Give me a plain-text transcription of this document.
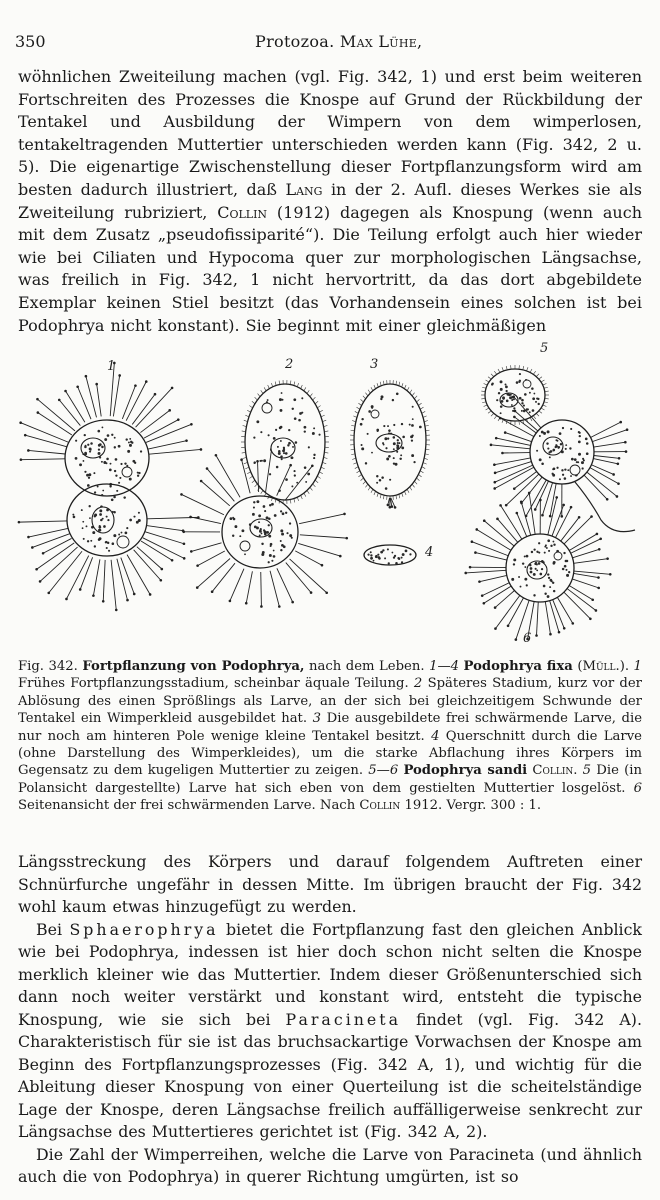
350	Protozoa. Max Lühe,

wöhnlichen Zweiteilung machen (vgl. Fig. 342, 1) und erst beim weiteren Fortschreiten des Prozesses die Knospe auf Grund der Rückbildung der Tentakel und Ausbildung der Wimpern von dem wimperlosen, tentakeltragenden Muttertier unterschieden werden kann (Fig. 342, 2 u. 5). Die eigenartige Zwischenstellung dieser Fortpflanzungsform wird am besten dadurch illustriert, daß Lang in der 2. Aufl. dieses Werkes sie als Zweiteilung rubriziert, Collin (1912) dagegen als Knospung (wenn auch mit dem Zusatz „pseudofissiparité“). Die Teilung erfolgt auch hier wieder wie bei Ciliaten und Hypocoma quer zur morphologischen Längsachse, was freilich in Fig. 342, 1 nicht hervortritt, da das dort abgebildete Exemplar keinen Stiel besitzt (das Vorhandensein eines solchen ist bei Podophrya nicht konstant). Sie beginnt mit einer gleichmäßigen

1	2	3
4
5
6
Fig. 342. Fortpflanzung von Podophrya, nach dem Leben. 1—4 Podophrya fixa (Müll.). 1 Frühes Fortpflanzungsstadium, scheinbar äquale Teilung. 2 Späteres Stadium, kurz vor der Ablösung des einen Sprößlings als Larve, an der sich bei gleichzeitigem Schwunde der Tentakel ein Wimperkleid ausgebildet hat. 3 Die ausgebildete frei schwärmende Larve, die nur noch am hinteren Pole wenige kleine Tentakel besitzt. 4 Querschnitt durch die Larve (ohne Darstellung des Wimperkleides), um die starke Abflachung ihres Körpers im Gegensatz zu dem kugeligen Muttertier zu zeigen. 5—6 Podophrya sandi Collin. 5 Die (in Polansicht dargestellte) Larve hat sich eben von dem gestielten Muttertier losgelöst. 6 Seitenansicht der frei schwärmenden Larve. Nach Collin 1912. Vergr. 300 : 1.

Längsstreckung des Körpers und darauf folgendem Auftreten einer Schnürfurche ungefähr in dessen Mitte. Im übrigen braucht der Fig. 342 wohl kaum etwas hinzugefügt zu werden.

Bei Sphaerophrya bietet die Fortpflanzung fast den gleichen Anblick wie bei Podophrya, indessen ist hier doch schon nicht selten die Knospe merklich kleiner wie das Muttertier. Indem dieser Größenunterschied sich dann noch weiter verstärkt und konstant wird, entsteht die typische Knospung, wie sie sich bei Paracineta findet (vgl. Fig. 342 A). Charakteristisch für sie ist das bruchsackartige Vorwachsen der Knospe am Beginn des Fortpflanzungsprozesses (Fig. 342 A, 1), und wichtig für die Ableitung dieser Knospung von einer Querteilung ist die scheitelständige Lage der Knospe, deren Längsachse freilich auffälligerweise senkrecht zur Längsachse des Muttertieres gerichtet ist (Fig. 342 A, 2).

Die Zahl der Wimperreihen, welche die Larve von Paracineta (und ähnlich auch die von Podophrya) in querer Richtung umgürten, ist so
